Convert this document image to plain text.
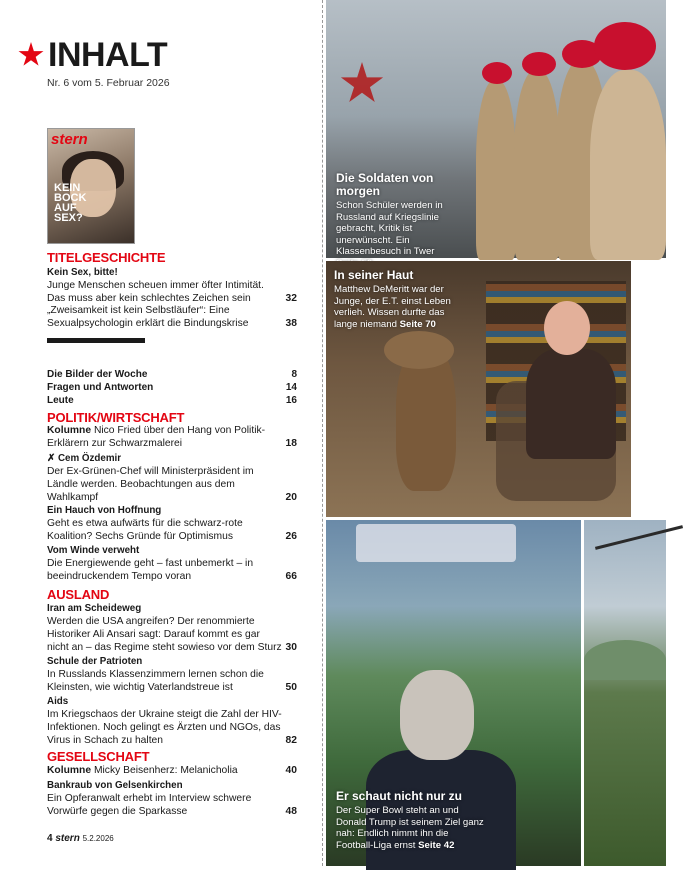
INHALT
Nr. 6 vom 5. Februar 2026
stern
KEIN BOCK AUF SEX?
TITELGESCHICHTE
Kein Sex, bitte!
Junge Menschen scheuen immer öfter Intimität. Das muss aber kein schlechtes Zeichen sein	32
„Zweisamkeit ist kein Selbstläufer“: Eine Sexualpsychologin erklärt die Bindungskrise	38
Die Bilder der Woche	8
Fragen und Antworten	14
Leute	16
POLITIK/WIRTSCHAFT
Kolumne Nico Fried über den Hang von Politik-Erklärern zur Schwarzmalerei	18
✗ Cem Özdemir
Der Ex-Grünen-Chef will Ministerpräsident im Ländle werden. Beobachtungen aus dem Wahlkampf	20
Ein Hauch von Hoffnung
Geht es etwa aufwärts für die schwarz-rote Koalition? Sechs Gründe für Optimismus	26
Vom Winde verweht
Die Energiewende geht – fast unbemerkt – in beeindruckendem Tempo voran	66
AUSLAND
Iran am Scheideweg
Werden die USA angreifen? Der renommierte Historiker Ali Ansari sagt: Darauf kommt es gar nicht an – das Regime steht sowieso vor dem Sturz 30
Schule der Patrioten
In Russlands Klassenzimmern lernen schon die Kleinsten, wie wichtig Vaterlandstreue ist	50
Aids
Im Kriegschaos der Ukraine steigt die Zahl der HIV-Infektionen. Noch gelingt es Ärzten und NGOs, das Virus in Schach zu halten	82
GESELLSCHAFT
Kolumne Micky Beisenherz: Melanicholia	40
Bankraub von Gelsenkirchen
Ein Opferanwalt erhebt im Interview schwere Vorwürfe gegen die Sparkasse	48
4 stern 5.2.2026
Die Soldaten von morgen
Schon Schüler werden in Russland auf Kriegslinie gebracht, Kritik ist unerwünscht. Ein Klassenbesuch in Twer
In seiner Haut
Matthew DeMeritt war der Junge, der E.T. einst Leben verlieh. Wissen durfte das lange niemand Seite 70
Er schaut nicht nur zu
Der Super Bowl steht an und Donald Trump ist seinem Ziel ganz nah: Endlich nimmt ihn die Football-Liga ernst Seite 42
